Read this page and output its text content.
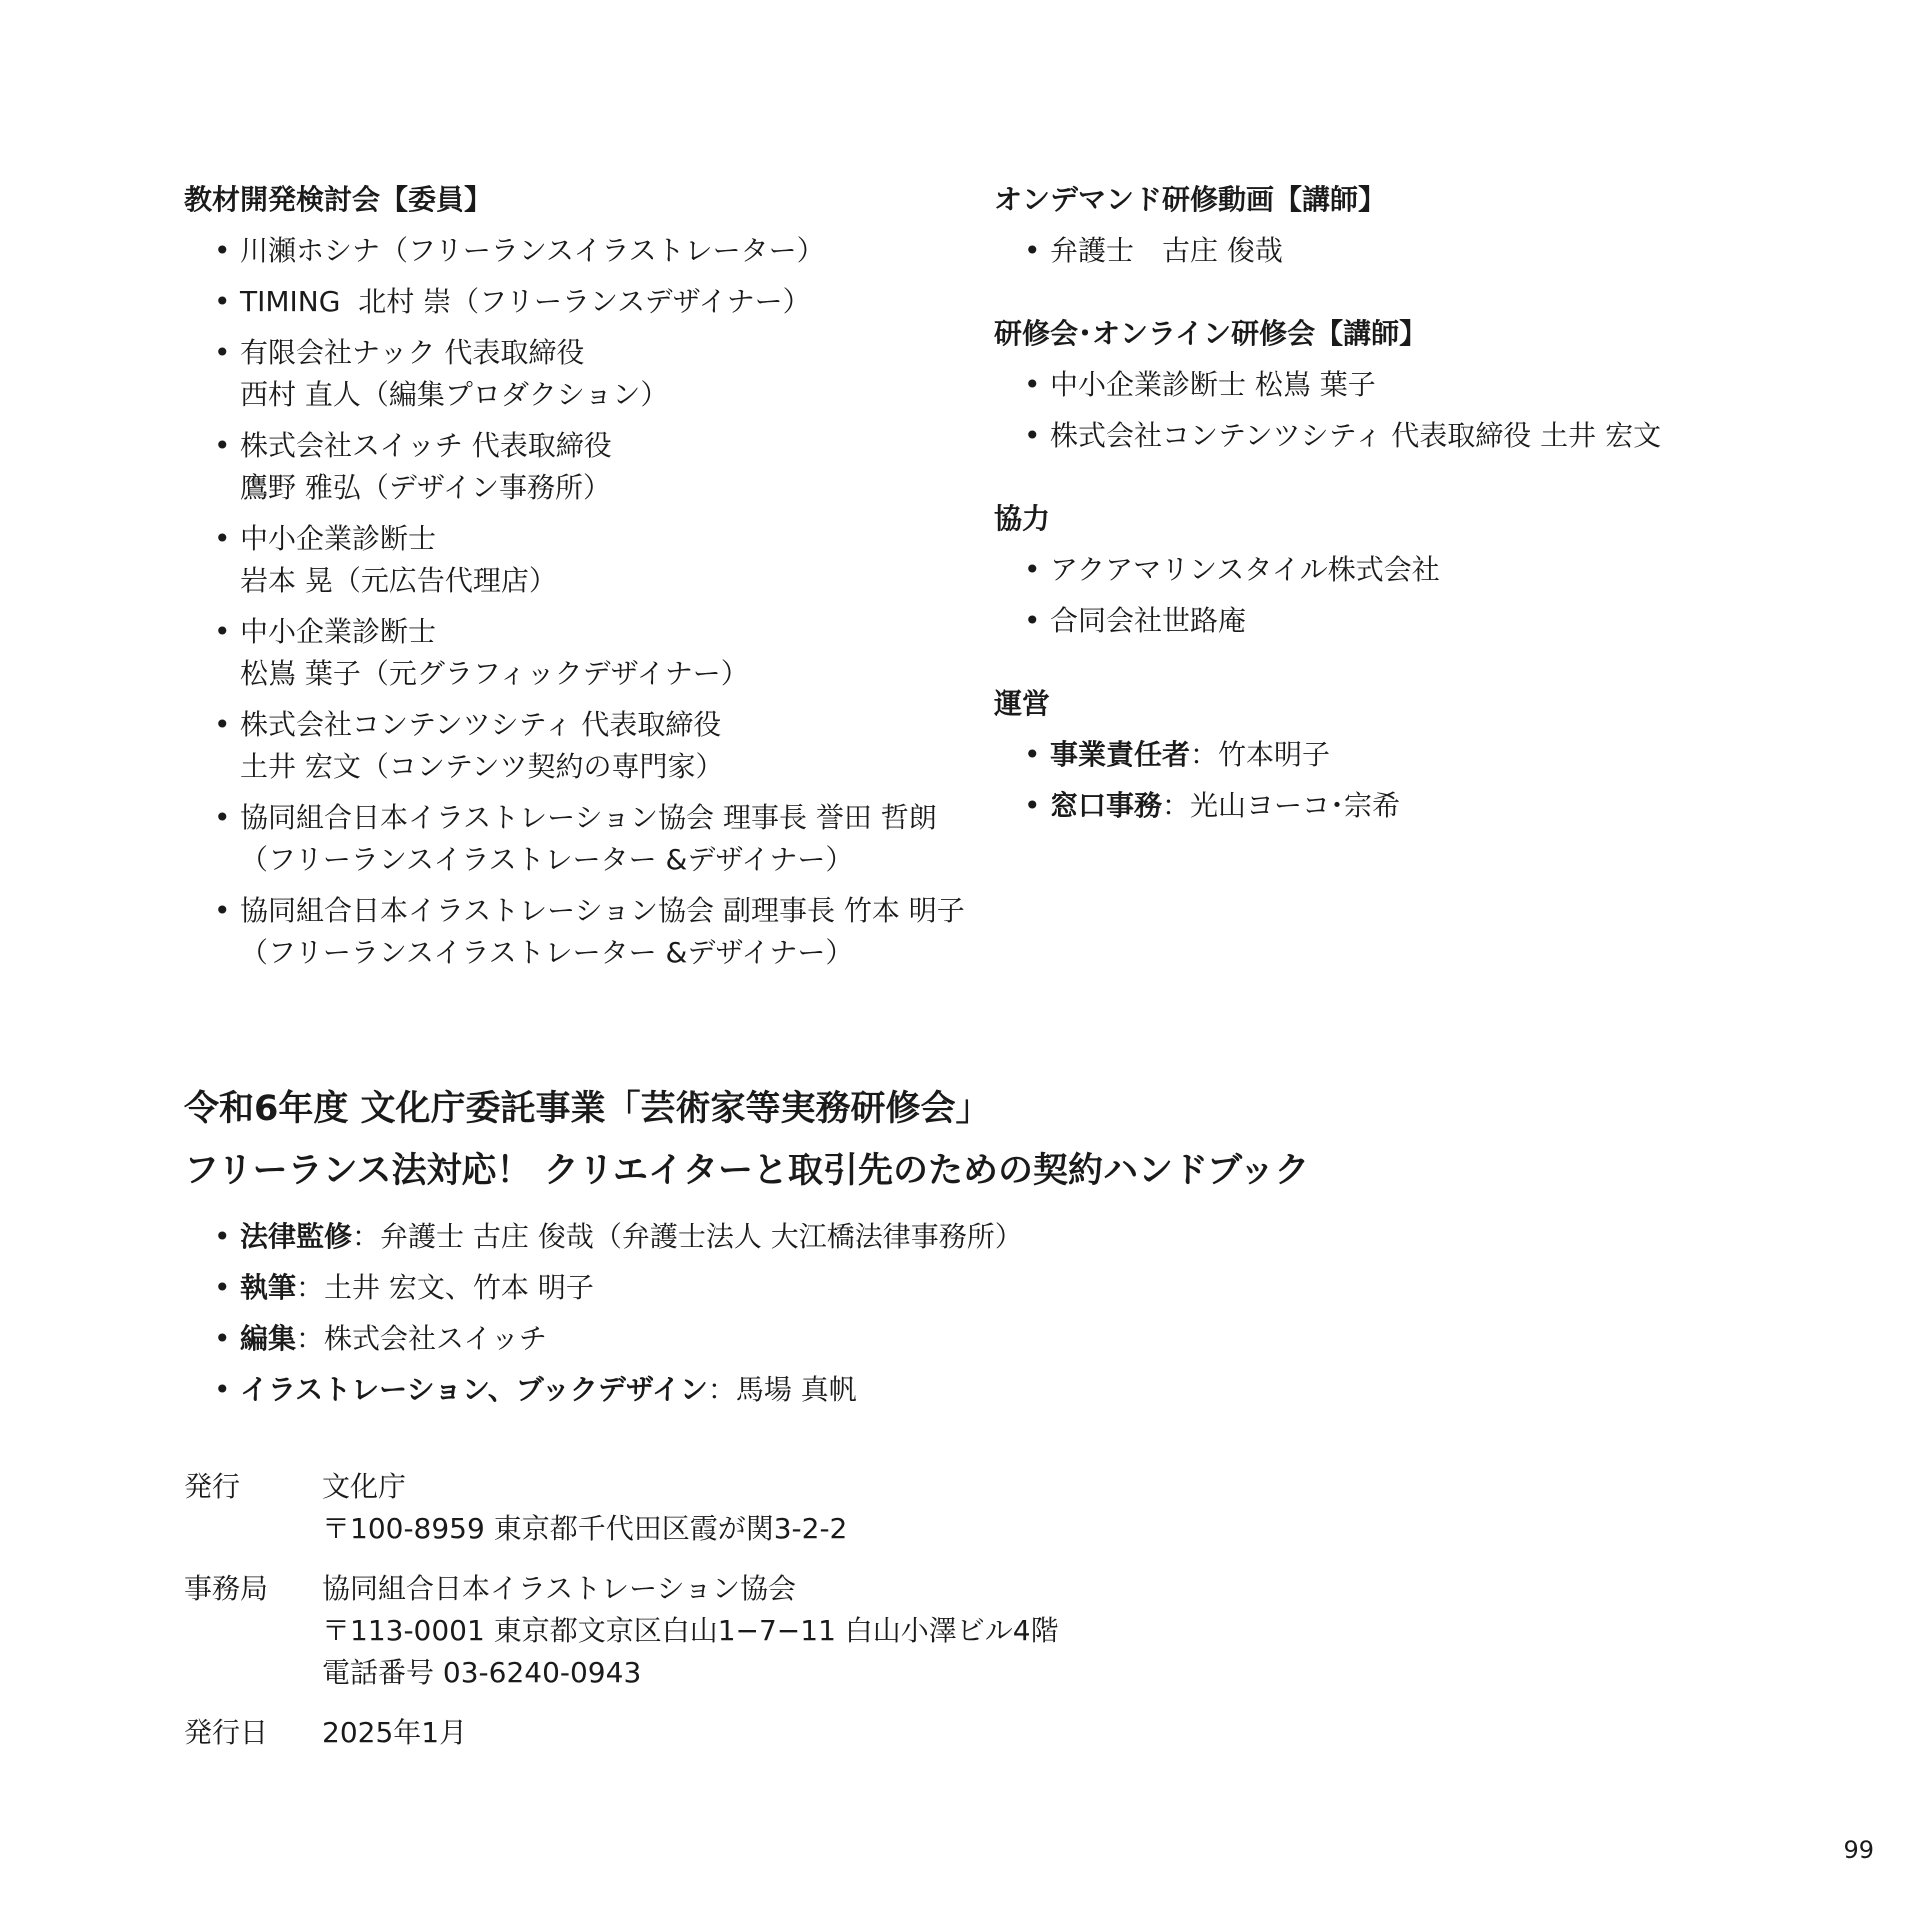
教材開発検討会【委員】
• 川瀬ホシナ（フリーランスイラストレーター）
• TIMING  北村 崇（フリーランスデザイナー）
• 有限会社ナック 代表取締役
西村 直人（編集プロダクション）
• 株式会社スイッチ 代表取締役
鷹野 雅弘（デザイン事務所）
• 中小企業診断士
岩本 晃（元広告代理店）
• 中小企業診断士
松嶌 葉子（元グラフィックデザイナー）
• 株式会社コンテンツシティ 代表取締役
土井 宏文（コンテンツ契約の専門家）
• 協同組合日本イラストレーション協会 理事長 誉田 哲朗
（フリーランスイラストレーター &デザイナー）
• 協同組合日本イラストレーション協会 副理事長 竹本 明子
（フリーランスイラストレーター &デザイナー）
オンデマンド研修動画【講師】
• 弁護士　古庄 俊哉
研修会･オンライン研修会【講師】
• 中小企業診断士 松嶌 葉子
• 株式会社コンテンツシティ 代表取締役 土井 宏文
協力
• アクアマリンスタイル株式会社
• 合同会社世路庵
運営
• 事業責任者：竹本明子
• 窓口事務：光山ヨーコ･宗希
令和6年度 文化庁委託事業「芸術家等実務研修会」
フリーランス法対応！ クリエイターと取引先のための契約ハンドブック
• 法律監修：弁護士 古庄 俊哉（弁護士法人 大江橋法律事務所）
• 執筆：土井 宏文、竹本 明子
• 編集：株式会社スイッチ
• イラストレーション、ブックデザイン：馬場 真帆
発行	文化庁
〒100-8959 東京都千代田区霞が関3-2-2
事務局	協同組合日本イラストレーション協会
〒113-0001 東京都文京区白山1−7−11 白山小澤ビル4階
電話番号 03-6240-0943
発行日	2025年1月
99
